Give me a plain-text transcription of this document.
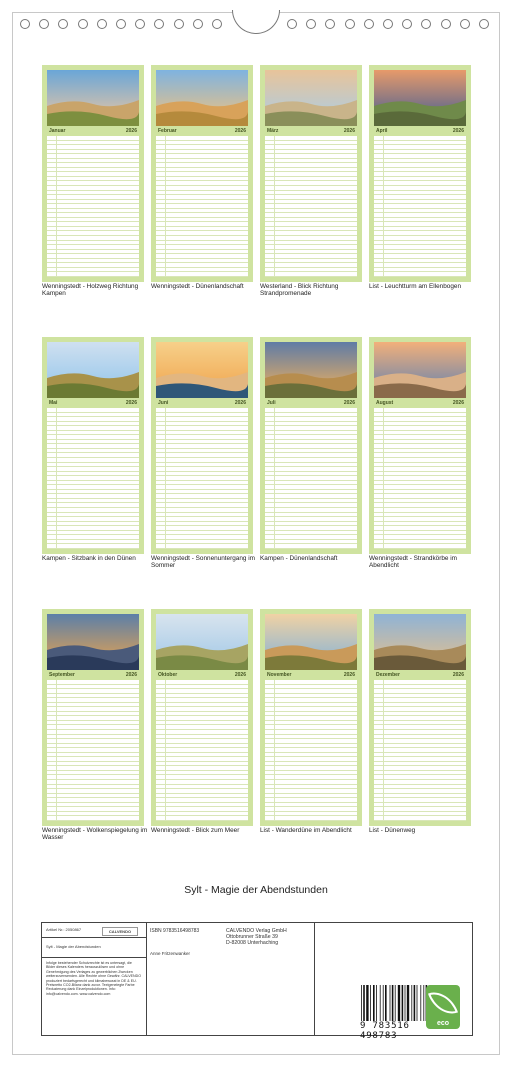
Januar	2026
Wenningstedt - Holzweg Richtung Kampen
Februar	2026
Wenningstedt - Dünenlandschaft
März	2026
Westerland - Blick Richtung Strandpromenade
April	2026
List - Leuchtturm am Ellenbogen
Mai	2026
Kampen - Sitzbank in den Dünen
Juni	2026
Wenningstedt - Sonnenuntergang im Sommer
Juli	2026
Kampen - Dünenlandschaft
August	2026
Wenningstedt - Strandkörbe im Abendlicht
September	2026
Wenningstedt - Wolkenspiegelung im Wasser
Oktober	2026
Wenningstedt - Blick zum Meer
November	2026
List - Wanderdüne im Abendlicht
Dezember	2026
List - Dünenweg
Sylt - Magie der Abendstunden
Artikel Nr.: 2050867	CALVENDO
Sylt - Magie der Abendstunden
Infolge bestehender Schutzrechte ist es untersagt, die Bilder dieses Kalenders herauszulösen und ohne Genehmigung des Verlages zu gewerblichen Zwecken weiterzuverwenden. Alle Rechte ohne Gewähr. CALVENDO produziert bedarfsgerecht und klimabewusst in DE & EU. Preisnetto CO2-Bilanz dank zuvor. Textgenelegte Farbe Reduzierung dank Einzelproduktionen. Info: info@calvendo.com. www.calvendo.com
ISBN 9783516498783
Anne Fritzenwanker
CALVENDO Verlag GmbH
Ottobrunner Straße 39
D-82008 Unterhaching
9 783516 498783
eco
